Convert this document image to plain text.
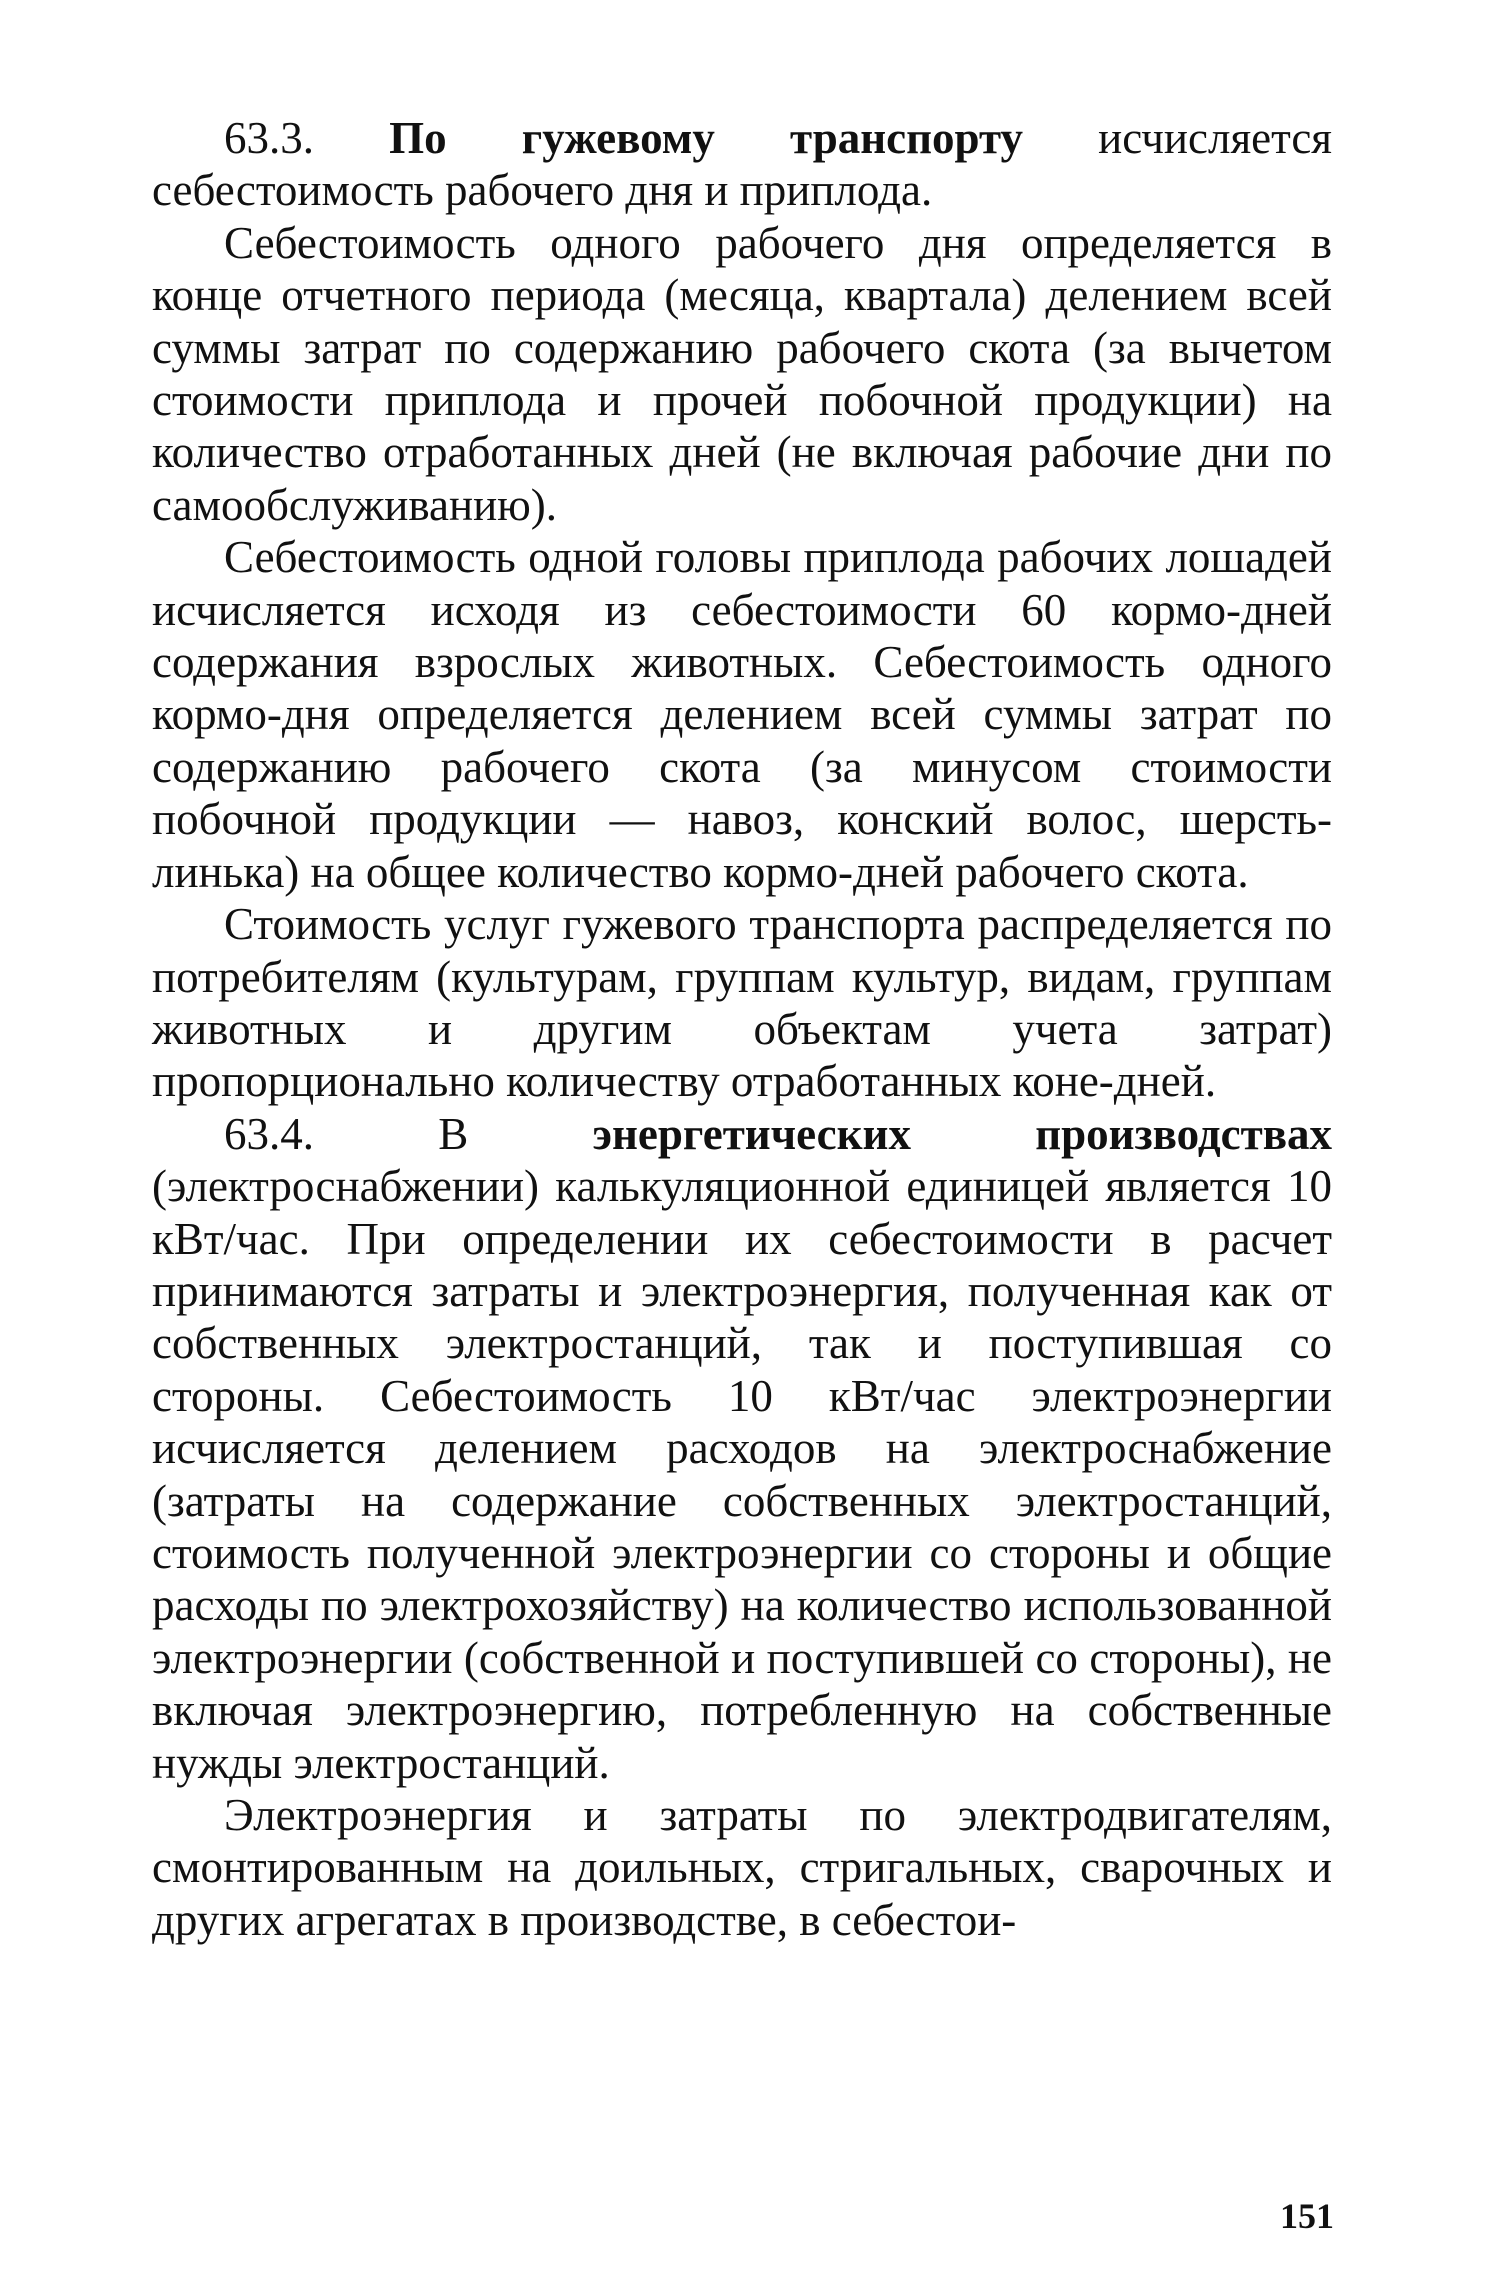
63.3. По гужевому транспорту исчисляется себестоимость рабочего дня и приплода.

Себестоимость одного рабочего дня определяется в конце отчетного периода (месяца, квартала) делением всей суммы затрат по содержанию рабочего скота (за вычетом стоимости приплода и прочей побочной продукции) на количество отработанных дней (не включая рабочие дни по самообслуживанию).

Себестоимость одной головы приплода рабочих лошадей исчисляется исходя из себестоимости 60 кормо-дней содержания взрослых животных. Себестоимость одного кормо-дня определяется делением всей суммы затрат по содержанию рабочего скота (за минусом стоимости побочной продукции — навоз, конский волос, шерсть-линька) на общее количество кормо-дней рабочего скота.

Стоимость услуг гужевого транспорта распределяется по потребителям (культурам, группам культур, видам, группам животных и другим объектам учета затрат) пропорционально количеству отработанных коне-дней.

63.4. В энергетических производствах (электроснабжении) калькуляционной единицей является 10 кВт/час. При определении их себестоимости в расчет принимаются затраты и электроэнергия, полученная как от собственных электростанций, так и поступившая со стороны. Себестоимость 10 кВт/час электроэнергии исчисляется делением расходов на электроснабжение (затраты на содержание собственных электростанций, стоимость полученной электроэнергии со стороны и общие расходы по электрохозяйству) на количество использованной электроэнергии (собственной и поступившей со стороны), не включая электроэнергию, потребленную на собственные нужды электростанций.

Электроэнергия и затраты по электродвигателям, смонтированным на доильных, стригальных, сварочных и других агрегатах в производстве, в себестои-

151
